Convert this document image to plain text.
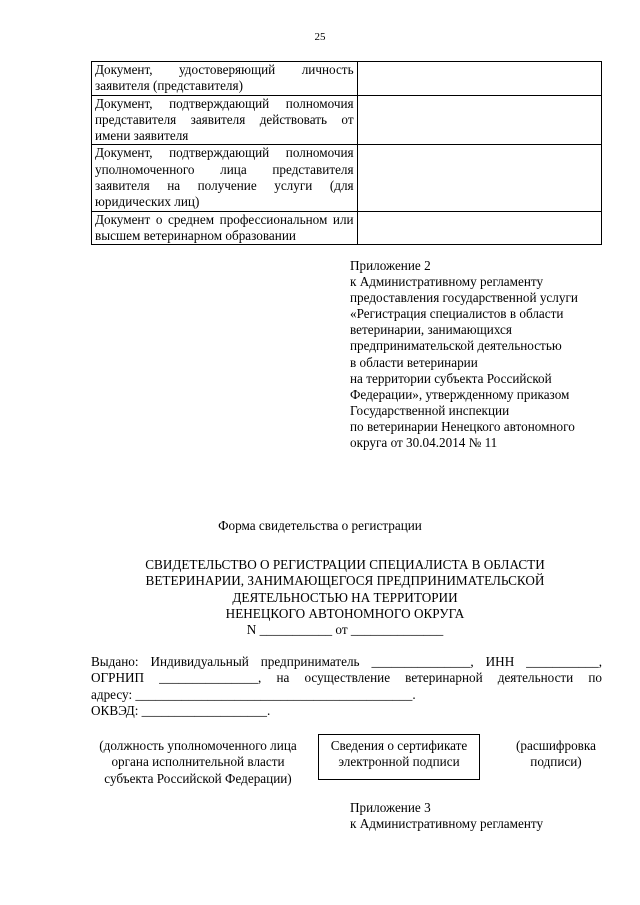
25
Документ, удостоверяющий личность заявителя (представителя)	
Документ, подтверждающий полномочия представителя заявителя действовать от имени заявителя	
Документ, подтверждающий полномочия уполномоченного лица представителя заявителя на получение услуги (для юридических лиц)	
Документ о среднем профессиональном или высшем ветеринарном образовании	
Приложение 2
к Административному регламенту
предоставления государственной услуги
«Регистрация специалистов в области
ветеринарии, занимающихся
предпринимательской деятельностью
в области ветеринарии
на территории субъекта Российской
Федерации», утвержденному приказом
Государственной инспекции
по ветеринарии Ненецкого автономного
округа от 30.04.2014 № 11
Форма свидетельства о регистрации
СВИДЕТЕЛЬСТВО О РЕГИСТРАЦИИ СПЕЦИАЛИСТА В ОБЛАСТИ
ВЕТЕРИНАРИИ, ЗАНИМАЮЩЕГОСЯ ПРЕДПРИНИМАТЕЛЬСКОЙ
ДЕЯТЕЛЬНОСТЬЮ НА ТЕРРИТОРИИ
НЕНЕЦКОГО АВТОНОМНОГО ОКРУГА
N ___________ от ______________
Выдано: Индивидуальный предприниматель _______________, ИНН ___________,
ОГРНИП _______________, на осуществление ветеринарной деятельности по
адресу: __________________________________________.
ОКВЭД: ___________________.
(должность уполномоченного лица
органа исполнительной власти
субъекта Российской Федерации)
Сведения о сертификате
электронной подписи
(расшифровка
подписи)
Приложение 3
к Административному регламенту
